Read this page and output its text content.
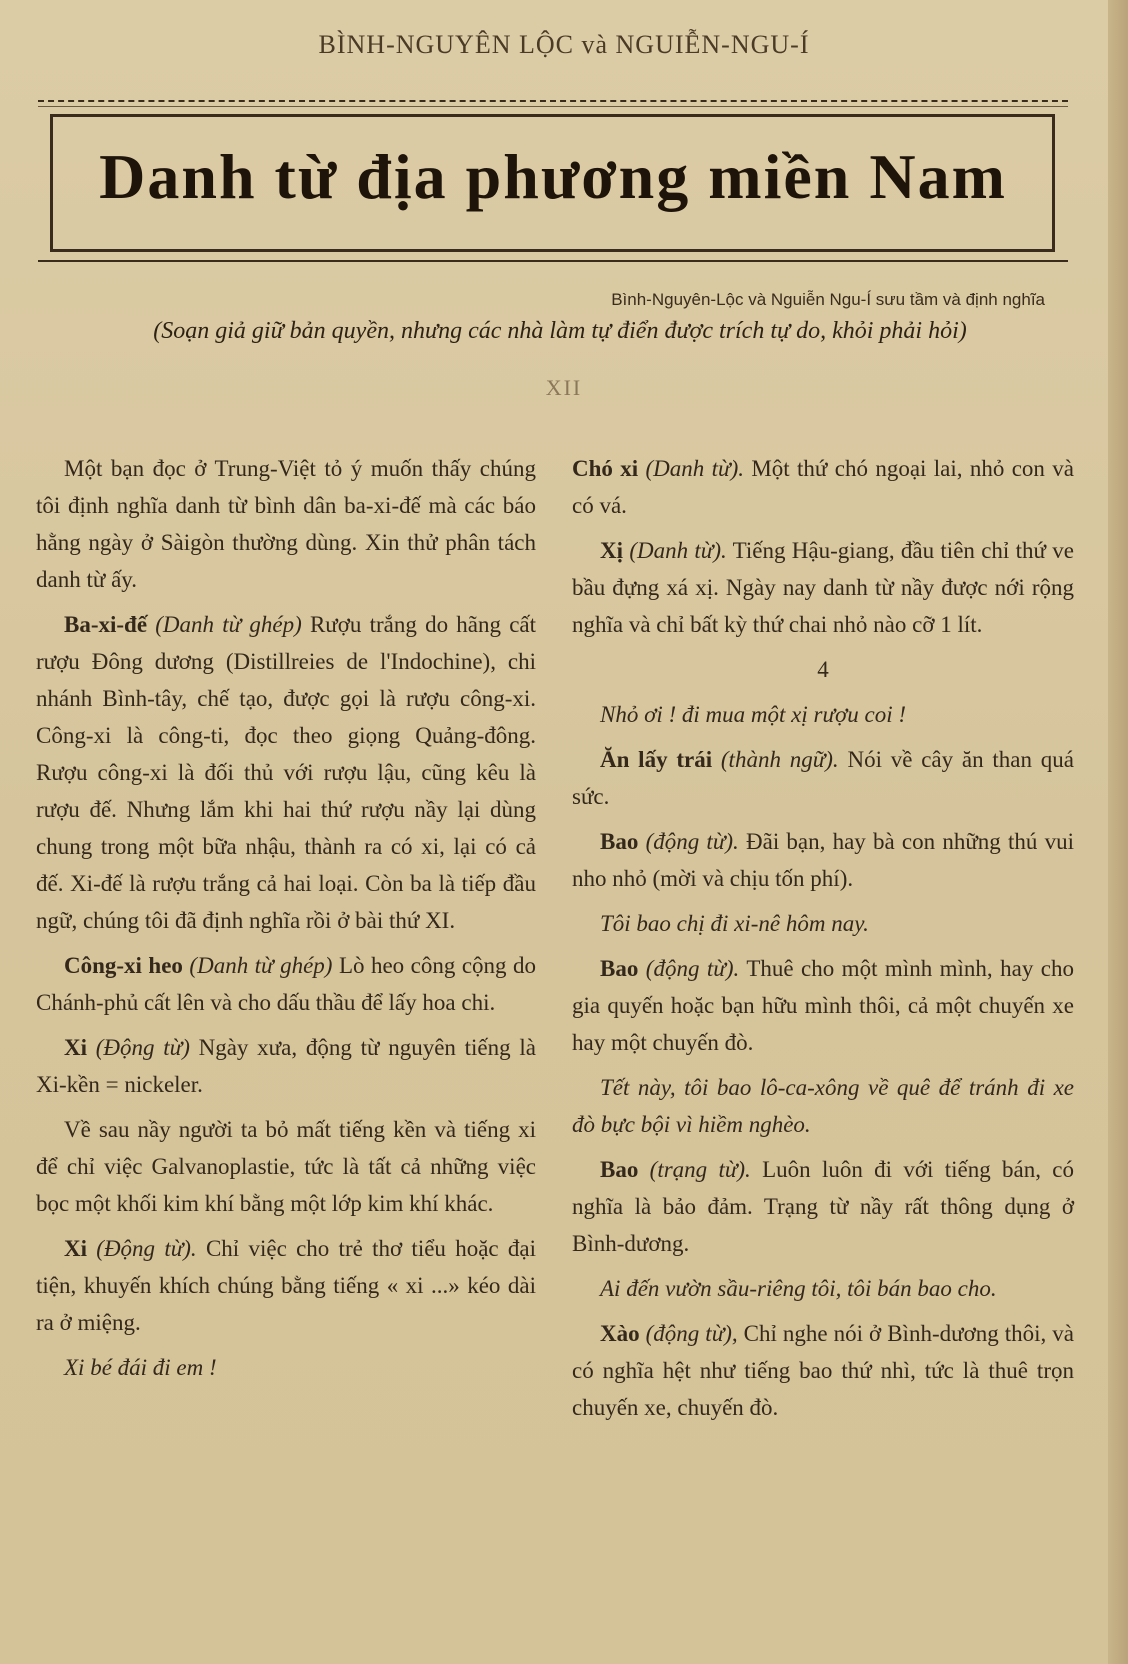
BÌNH-NGUYÊN LỘC và NGUIỄN-NGU-Í
Danh từ địa phương miền Nam
Bình-Nguyên-Lộc và Nguiễn Ngu-Í sưu tầm và định nghĩa
(Soạn giả giữ bản quyền, nhưng các nhà làm tự điển được trích tự do, khỏi phải hỏi)
XII

Một bạn đọc ở Trung-Việt tỏ ý muốn thấy chúng tôi định nghĩa danh từ bình dân ba-xi-đế mà các báo hằng ngày ở Sàigòn thường dùng. Xin thử phân tách danh từ ấy.

Ba-xi-đế (Danh từ ghép) Rượu trắng do hãng cất rượu Đông dương (Distillreies de l'Indochine), chi nhánh Bình-tây, chế tạo, được gọi là rượu công-xi. Công-xi là công-ti, đọc theo giọng Quảng-đông. Rượu công-xi là đối thủ với rượu lậu, cũng kêu là rượu đế. Nhưng lắm khi hai thứ rượu nầy lại dùng chung trong một bữa nhậu, thành ra có xi, lại có cả đế. Xi-đế là rượu trắng cả hai loại. Còn ba là tiếp đầu ngữ, chúng tôi đã định nghĩa rồi ở bài thứ XI.

Công-xi heo (Danh từ ghép) Lò heo công cộng do Chánh-phủ cất lên và cho dấu thầu để lấy hoa chi.

Xi (Động từ) Ngày xưa, động từ nguyên tiếng là Xi-kền = nickeler.

Về sau nầy người ta bỏ mất tiếng kền và tiếng xi để chỉ việc Galvanoplastie, tức là tất cả những việc bọc một khối kim khí bằng một lớp kim khí khác.

Xi (Động từ). Chỉ việc cho trẻ thơ tiểu hoặc đại tiện, khuyến khích chúng bằng tiếng « xi ...» kéo dài ra ở miệng.

Xi bé đái đi em !

Chó xi (Danh từ). Một thứ chó ngoại lai, nhỏ con và có vá.

Xị (Danh từ). Tiếng Hậu-giang, đầu tiên chỉ thứ ve bầu đựng xá xị. Ngày nay danh từ nầy được nới rộng nghĩa và chỉ bất kỳ thứ chai nhỏ nào cỡ 1 lít.

4

Nhỏ ơi ! đi mua một xị rượu coi !

Ăn lấy trái (thành ngữ). Nói về cây ăn than quá sức.

Bao (động từ). Đãi bạn, hay bà con những thú vui nho nhỏ (mời và chịu tốn phí).

Tôi bao chị đi xi-nê hôm nay.

Bao (động từ). Thuê cho một mình mình, hay cho gia quyến hoặc bạn hữu mình thôi, cả một chuyến xe hay một chuyến đò.

Tết này, tôi bao lô-ca-xông về quê để tránh đi xe đò bực bội vì hiềm nghèo.

Bao (trạng từ). Luôn luôn đi với tiếng bán, có nghĩa là bảo đảm. Trạng từ nầy rất thông dụng ở Bình-dương.

Ai đến vườn sầu-riêng tôi, tôi bán bao cho.

Xào (động từ), Chỉ nghe nói ở Bình-dương thôi, và có nghĩa hệt như tiếng bao thứ nhì, tức là thuê trọn chuyến xe, chuyến đò.
